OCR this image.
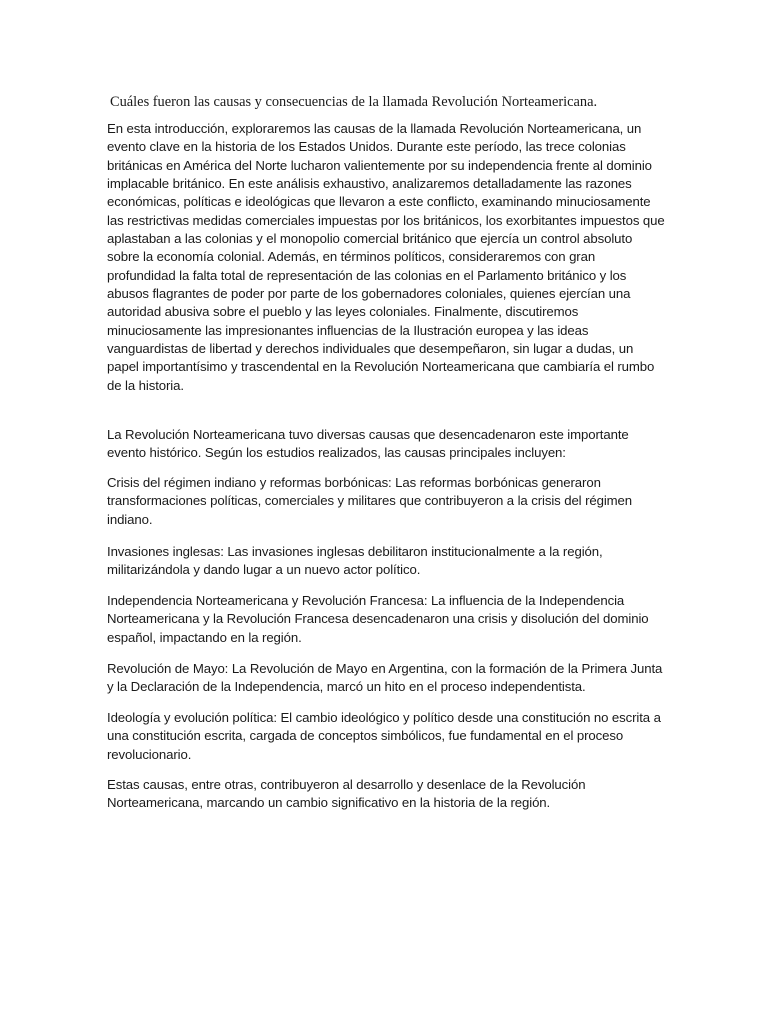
Cuáles fueron las causas y consecuencias de la llamada Revolución Norteamericana.

En esta introducción, exploraremos las causas de la llamada Revolución Norteamericana, un evento clave en la historia de los Estados Unidos. Durante este período, las trece colonias británicas en América del Norte lucharon valientemente por su independencia frente al dominio implacable británico. En este análisis exhaustivo, analizaremos detalladamente las razones económicas, políticas e ideológicas que llevaron a este conflicto, examinando minuciosamente las restrictivas medidas comerciales impuestas por los británicos, los exorbitantes impuestos que aplastaban a las colonias y el monopolio comercial británico que ejercía un control absoluto sobre la economía colonial. Además, en términos políticos, consideraremos con gran profundidad la falta total de representación de las colonias en el Parlamento británico y los abusos flagrantes de poder por parte de los gobernadores coloniales, quienes ejercían una autoridad abusiva sobre el pueblo y las leyes coloniales. Finalmente, discutiremos minuciosamente las impresionantes influencias de la Ilustración europea y las ideas vanguardistas de libertad y derechos individuales que desempeñaron, sin lugar a dudas, un papel importantísimo y trascendental en la Revolución Norteamericana que cambiaría el rumbo de la historia.

La Revolución Norteamericana tuvo diversas causas que desencadenaron este importante evento histórico. Según los estudios realizados, las causas principales incluyen:

Crisis del régimen indiano y reformas borbónicas: Las reformas borbónicas generaron transformaciones políticas, comerciales y militares que contribuyeron a la crisis del régimen indiano.

Invasiones inglesas: Las invasiones inglesas debilitaron institucionalmente a la región, militarizándola y dando lugar a un nuevo actor político.

Independencia Norteamericana y Revolución Francesa: La influencia de la Independencia Norteamericana y la Revolución Francesa desencadenaron una crisis y disolución del dominio español, impactando en la región.

Revolución de Mayo: La Revolución de Mayo en Argentina, con la formación de la Primera Junta y la Declaración de la Independencia, marcó un hito en el proceso independentista.

Ideología y evolución política: El cambio ideológico y político desde una constitución no escrita a una constitución escrita, cargada de conceptos simbólicos, fue fundamental en el proceso revolucionario.

Estas causas, entre otras, contribuyeron al desarrollo y desenlace de la Revolución Norteamericana, marcando un cambio significativo en la historia de la región.
